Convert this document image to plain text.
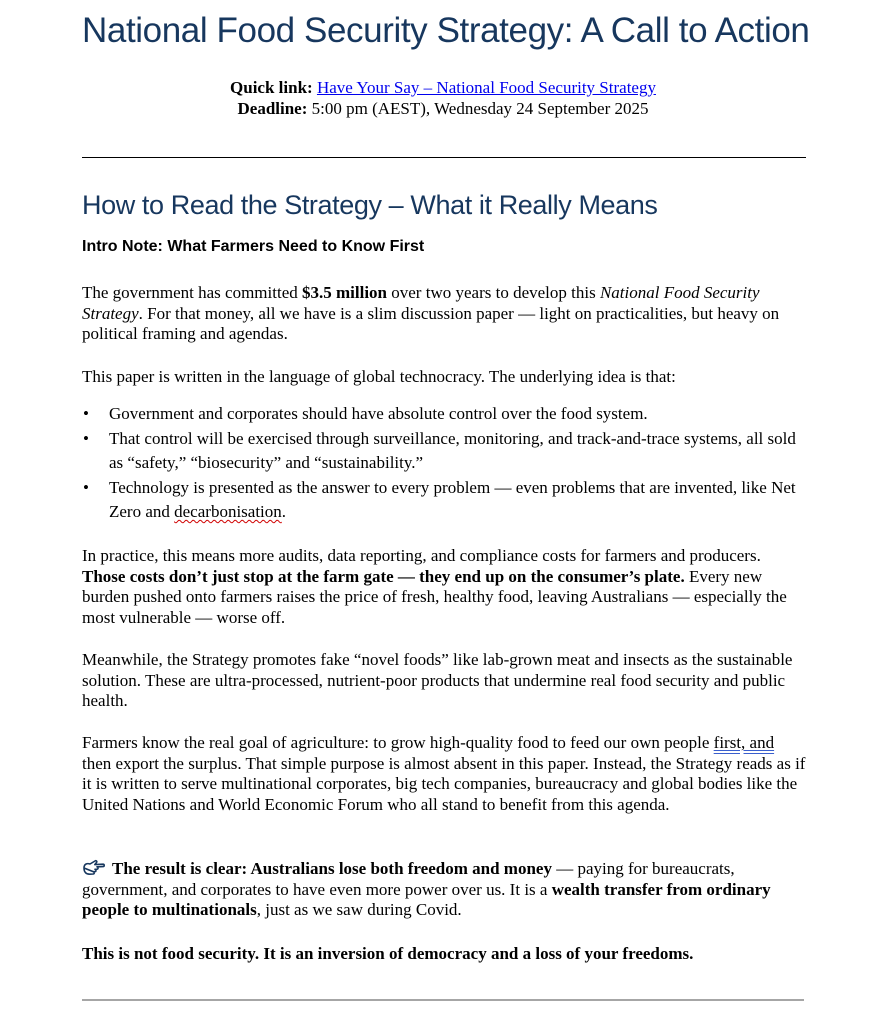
National Food Security Strategy: A Call to Action
Quick link: Have Your Say – National Food Security Strategy
Deadline: 5:00 pm (AEST), Wednesday 24 September 2025
How to Read the Strategy – What it Really Means
Intro Note: What Farmers Need to Know First
The government has committed $3.5 million over two years to develop this National Food Security Strategy. For that money, all we have is a slim discussion paper — light on practicalities, but heavy on political framing and agendas.
This paper is written in the language of global technocracy. The underlying idea is that:
• Government and corporates should have absolute control over the food system.
• That control will be exercised through surveillance, monitoring, and track-and-trace systems, all sold as “safety,” “biosecurity” and “sustainability.”
• Technology is presented as the answer to every problem — even problems that are invented, like Net Zero and decarbonisation.
In practice, this means more audits, data reporting, and compliance costs for farmers and producers. Those costs don’t just stop at the farm gate — they end up on the consumer’s plate. Every new burden pushed onto farmers raises the price of fresh, healthy food, leaving Australians — especially the most vulnerable — worse off.
Meanwhile, the Strategy promotes fake “novel foods” like lab-grown meat and insects as the sustainable solution. These are ultra-processed, nutrient-poor products that undermine real food security and public health.
Farmers know the real goal of agriculture: to grow high-quality food to feed our own people first, and then export the surplus. That simple purpose is almost absent in this paper. Instead, the Strategy reads as if it is written to serve multinational corporates, big tech companies, bureaucracy and global bodies like the United Nations and World Economic Forum who all stand to benefit from this agenda.
The result is clear: Australians lose both freedom and money — paying for bureaucrats, government, and corporates to have even more power over us. It is a wealth transfer from ordinary people to multinationals, just as we saw during Covid.
This is not food security. It is an inversion of democracy and a loss of your freedoms.
